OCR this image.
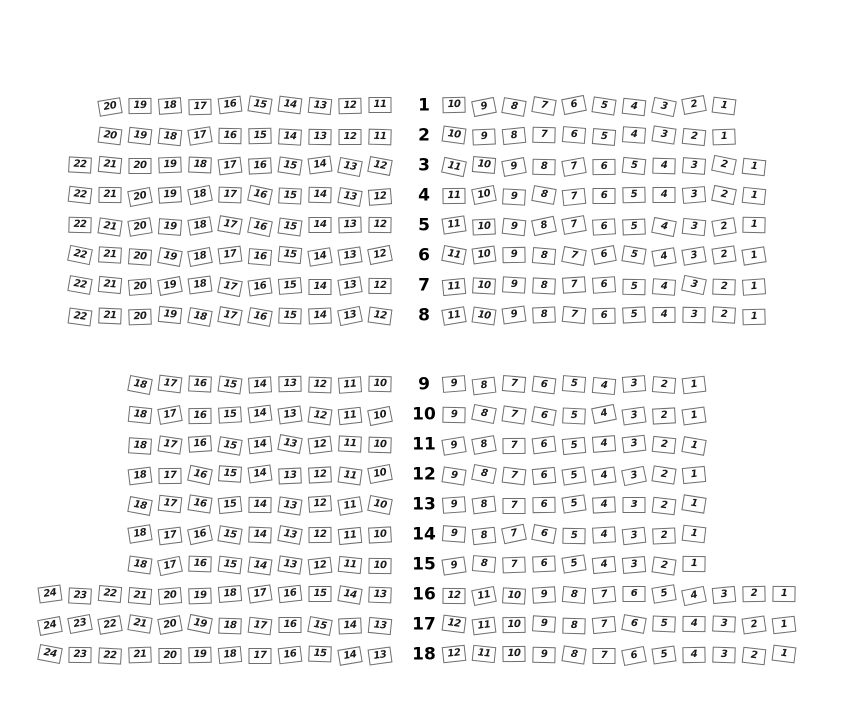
20 19 18 17 16 15 14 13 12 11 1 10 9 8 7 6 5 4 3 2 1
20 19 18 17 16 15 14 13 12 11 2 10 9 8 7 6 5 4 3 2 1
22 21 20 19 18 17 16 15 14 13 12 3 11 10 9 8 7 6 5 4 3 2 1
22 21 20 19 18 17 16 15 14 13 12 4 11 10 9 8 7 6 5 4 3 2 1
22 21 20 19 18 17 16 15 14 13 12 5 11 10 9 8 7 6 5 4 3 2 1
22 21 20 19 18 17 16 15 14 13 12 6 11 10 9 8 7 6 5 4 3 2 1
22 21 20 19 18 17 16 15 14 13 12 7 11 10 9 8 7 6 5 4 3 2 1
22 21 20 19 18 17 16 15 14 13 12 8 11 10 9 8 7 6 5 4 3 2 1
18 17 16 15 14 13 12 11 10 9 9 8 7 6 5 4 3 2 1
18 17 16 15 14 13 12 11 10 10 9 8 7 6 5 4 3 2 1
18 17 16 15 14 13 12 11 10 11 9 8 7 6 5 4 3 2 1
18 17 16 15 14 13 12 11 10 12 9 8 7 6 5 4 3 2 1
18 17 16 15 14 13 12 11 10 13 9 8 7 6 5 4 3 2 1
18 17 16 15 14 13 12 11 10 14 9 8 7 6 5 4 3 2 1
18 17 16 15 14 13 12 11 10 15 9 8 7 6 5 4 3 2 1
24 23 22 21 20 19 18 17 16 15 14 13 16 12 11 10 9 8 7 6 5 4 3 2 1
24 23 22 21 20 19 18 17 16 15 14 13 17 12 11 10 9 8 7 6 5 4 3 2 1
24 23 22 21 20 19 18 17 16 15 14 13 18 12 11 10 9 8 7 6 5 4 3 2 1
